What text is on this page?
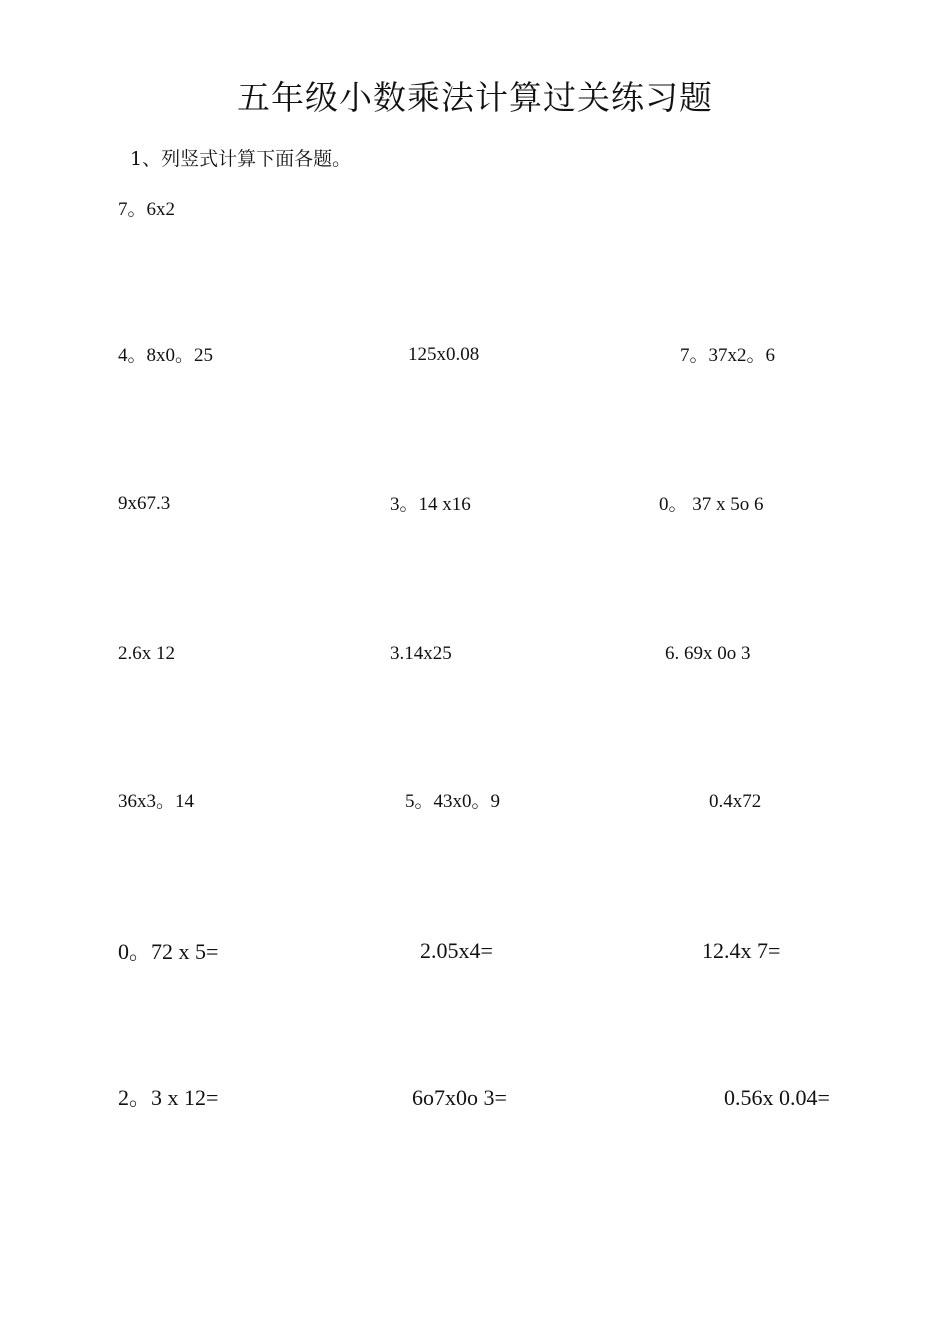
五年级小数乘法计算过关练习题
1、列竖式计算下面各题。
7。6x2
4。8x0。25	125x0.08	7。37x2。6
9x67.3	3。14 x16	0。 37 x 5o 6
2.6x 12	3.14x25	6. 69x 0o 3
36x3。14	5。43x0。9	0.4x72
0。72 x 5=	2.05x4=	12.4x 7=
2。3 x 12=	6o7x0o 3=	0.56x 0.04=
